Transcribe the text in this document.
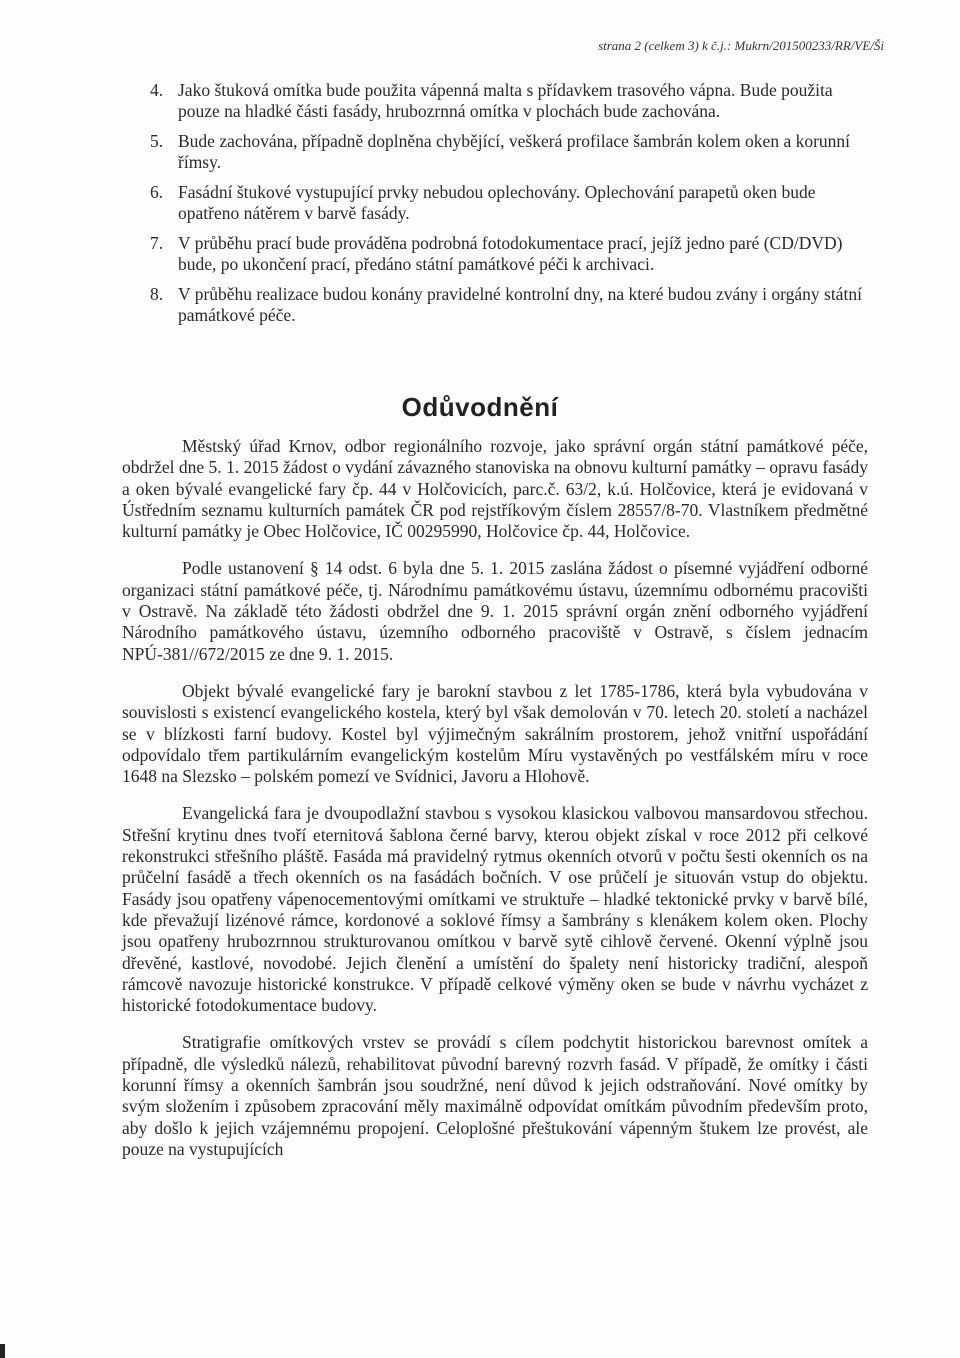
strana 2 (celkem 3) k č.j.: Mukrn/201500233/RR/VE/Ši
4. Jako štuková omítka bude použita vápenná malta s přídavkem trasového vápna. Bude použita pouze na hladké části fasády, hrubozrnná omítka v plochách bude zachována.
5. Bude zachována, případně doplněna chybějící, veškerá profilace šambrán kolem oken a korunní římsy.
6. Fasádní štukové vystupující prvky nebudou oplechovány. Oplechování parapetů oken bude opatřeno nátěrem v barvě fasády.
7. V průběhu prací bude prováděna podrobná fotodokumentace prací, jejíž jedno paré (CD/DVD) bude, po ukončení prací, předáno státní památkové péči k archivaci.
8. V průběhu realizace budou konány pravidelné kontrolní dny, na které budou zvány i orgány státní památkové péče.
Odůvodnění

Městský úřad Krnov, odbor regionálního rozvoje, jako správní orgán státní památkové péče, obdržel dne 5. 1. 2015 žádost o vydání závazného stanoviska na obnovu kulturní památky – opravu fasády a oken bývalé evangelické fary čp. 44 v Holčovicích, parc.č. 63/2, k.ú. Holčovice, která je evidovaná v Ústředním seznamu kulturních památek ČR pod rejstříkovým číslem 28557/8-70. Vlastníkem předmětné kulturní památky je Obec Holčovice, IČ 00295990, Holčovice čp. 44, Holčovice.

Podle ustanovení § 14 odst. 6 byla dne 5. 1. 2015 zaslána žádost o písemné vyjádření odborné organizaci státní památkové péče, tj. Národnímu památkovému ústavu, územnímu odbornému pracovišti v Ostravě. Na základě této žádosti obdržel dne 9. 1. 2015 správní orgán znění odborného vyjádření Národního památkového ústavu, územního odborného pracoviště v Ostravě, s číslem jednacím NPÚ-381//672/2015 ze dne 9. 1. 2015.

Objekt bývalé evangelické fary je barokní stavbou z let 1785-1786, která byla vybudována v souvislosti s existencí evangelického kostela, který byl však demolován v 70. letech 20. století a nacházel se v blízkosti farní budovy. Kostel byl výjimečným sakrálním prostorem, jehož vnitřní uspořádání odpovídalo třem partikulárním evangelickým kostelům Míru vystavěných po vestfálském míru v roce 1648 na Slezsko – polském pomezí ve Svídnici, Javoru a Hlohově.

Evangelická fara je dvoupodlažní stavbou s vysokou klasickou valbovou mansardovou střechou. Střešní krytinu dnes tvoří eternitová šablona černé barvy, kterou objekt získal v roce 2012 při celkové rekonstrukci střešního pláště. Fasáda má pravidelný rytmus okenních otvorů v počtu šesti okenních os na průčelní fasádě a třech okenních os na fasádách bočních. V ose průčelí je situován vstup do objektu. Fasády jsou opatřeny vápenocementovými omítkami ve struktuře – hladké tektonické prvky v barvě bílé, kde převažují lizénové rámce, kordonové a soklové římsy a šambrány s klenákem kolem oken. Plochy jsou opatřeny hrubozrnnou strukturovanou omítkou v barvě sytě cihlově červené. Okenní výplně jsou dřevěné, kastlové, novodobé. Jejich členění a umístění do špalety není historicky tradiční, alespoň rámcově navozuje historické konstrukce. V případě celkové výměny oken se bude v návrhu vycházet z historické fotodokumentace budovy.

Stratigrafie omítkových vrstev se provádí s cílem podchytit historickou barevnost omítek a případně, dle výsledků nálezů, rehabilitovat původní barevný rozvrh fasád. V případě, že omítky i části korunní římsy a okenních šambrán jsou soudržné, není důvod k jejich odstraňování. Nové omítky by svým složením i způsobem zpracování měly maximálně odpovídat omítkám původním především proto, aby došlo k jejich vzájemnému propojení. Celoplošné přeštukování vápenným štukem lze provést, ale pouze na vystupujících
